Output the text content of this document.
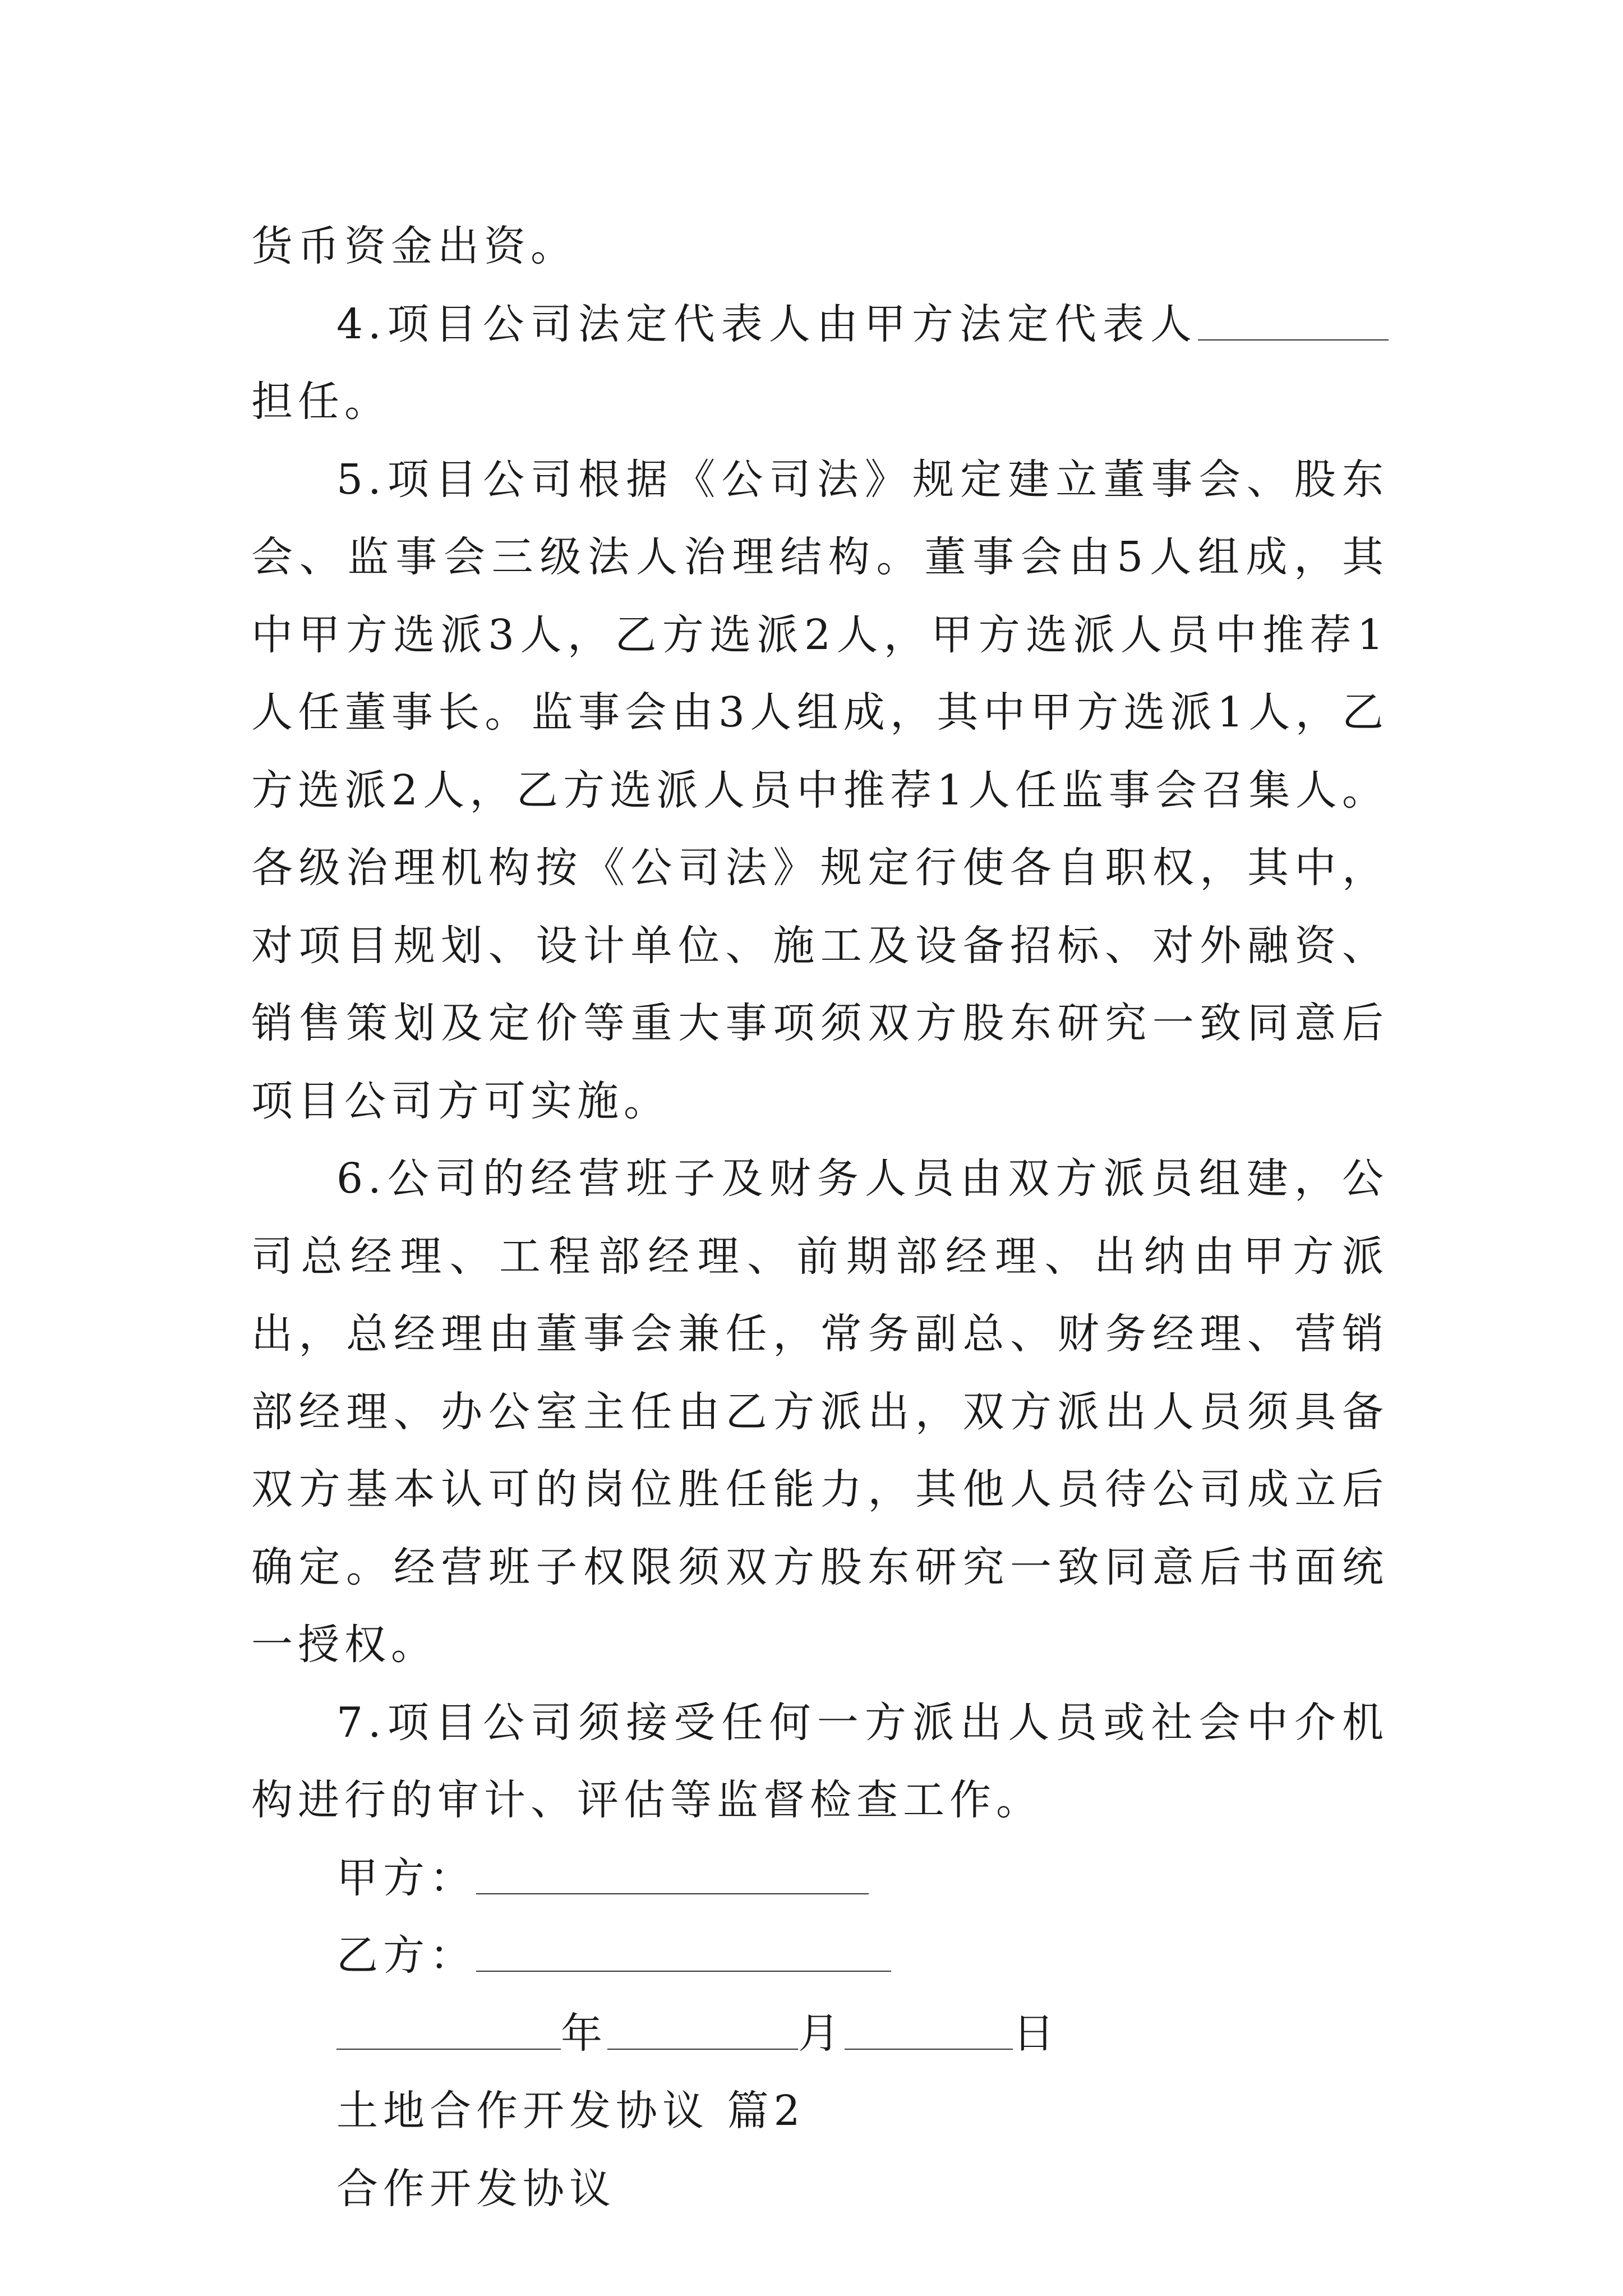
货币资金出资。

4.项目公司法定代表人由甲方法定代表人担任。

5.项目公司根据《公司法》规定建立董事会、股东会、监事会三级法人治理结构。董事会由5人组成，其中甲方选派3人，乙方选派2人，甲方选派人员中推荐1人任董事长。监事会由3人组成，其中甲方选派1人，乙方选派2人，乙方选派人员中推荐1人任监事会召集人。各级治理机构按《公司法》规定行使各自职权，其中，对项目规划、设计单位、施工及设备招标、对外融资、销售策划及定价等重大事项须双方股东研究一致同意后项目公司方可实施。

6.公司的经营班子及财务人员由双方派员组建，公司总经理、工程部经理、前期部经理、出纳由甲方派出，总经理由董事会兼任，常务副总、财务经理、营销部经理、办公室主任由乙方派出，双方派出人员须具备双方基本认可的岗位胜任能力，其他人员待公司成立后确定。经营班子权限须双方股东研究一致同意后书面统一授权。

7.项目公司须接受任何一方派出人员或社会中介机构进行的审计、评估等监督检查工作。

甲方：

乙方：

年	月	日

土地合作开发协议 篇2

合作开发协议
